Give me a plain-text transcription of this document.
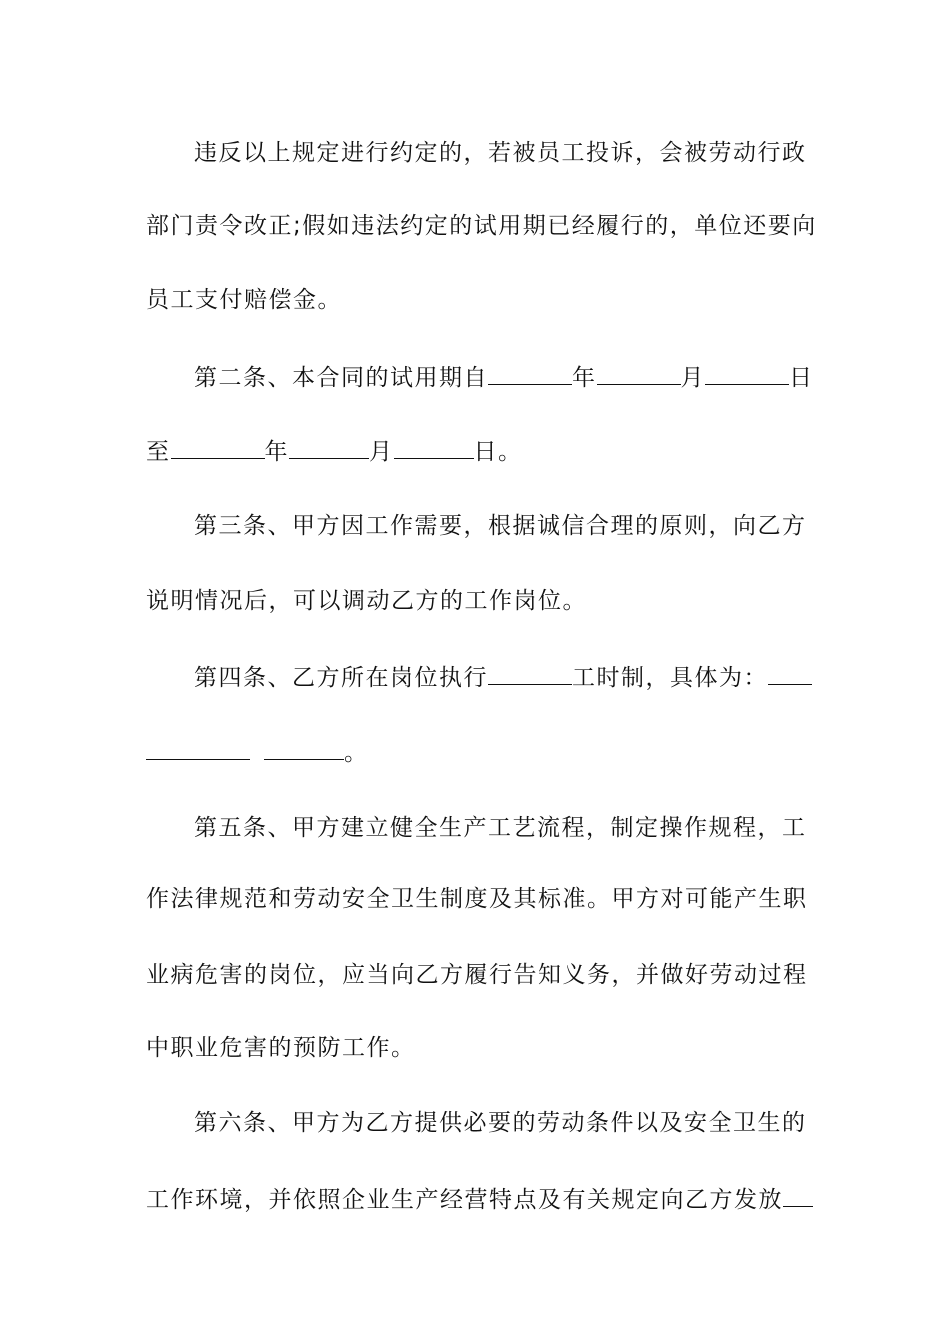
违反以上规定进行约定的，若被员工投诉，会被劳动行政
部门责令改正;假如违法约定的试用期已经履行的，单位还要向
员工支付赔偿金。
第二条、本合同的试用期自	年	月	日
至	年	月	日。
第三条、甲方因工作需要，根据诚信合理的原则，向乙方
说明情况后，可以调动乙方的工作岗位。
第四条、乙方所在岗位执行	工时制，具体为：
。
第五条、甲方建立健全生产工艺流程，制定操作规程，工
作法律规范和劳动安全卫生制度及其标准。甲方对可能产生职
业病危害的岗位，应当向乙方履行告知义务，并做好劳动过程
中职业危害的预防工作。
第六条、甲方为乙方提供必要的劳动条件以及安全卫生的
工作环境，并依照企业生产经营特点及有关规定向乙方发放
